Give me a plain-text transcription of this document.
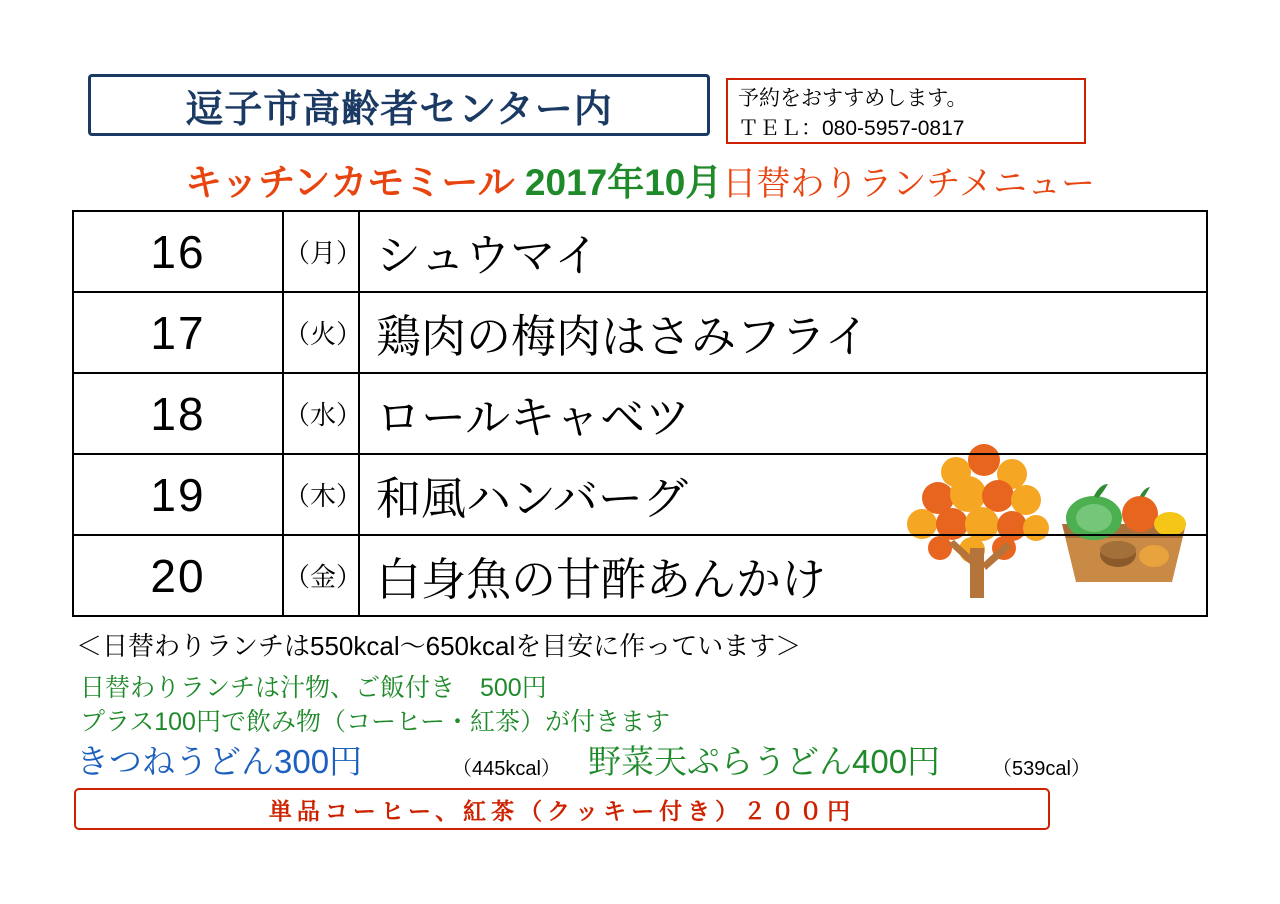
逗子市高齢者センター内	予約をおすすめします。
ＴＥＬ：080-5957-0817
キッチンカモミール 2017年10月日替わりランチメニュー
16	（月）	シュウマイ
17	（火）	鶏肉の梅肉はさみフライ
18	（水）	ロールキャベツ
19	（木）	和風ハンバーグ
20	（金）	白身魚の甘酢あんかけ
＜日替わりランチは550kcal〜650kcalを目安に作っています＞
日替わりランチは汁物、ご飯付き　500円
プラス100円で飲み物（コーヒー・紅茶）が付きます
きつねうどん300円	（445kcal） 野菜天ぷらうどん400円	（539cal）
単品コーヒー、紅茶（クッキー付き）２００円
